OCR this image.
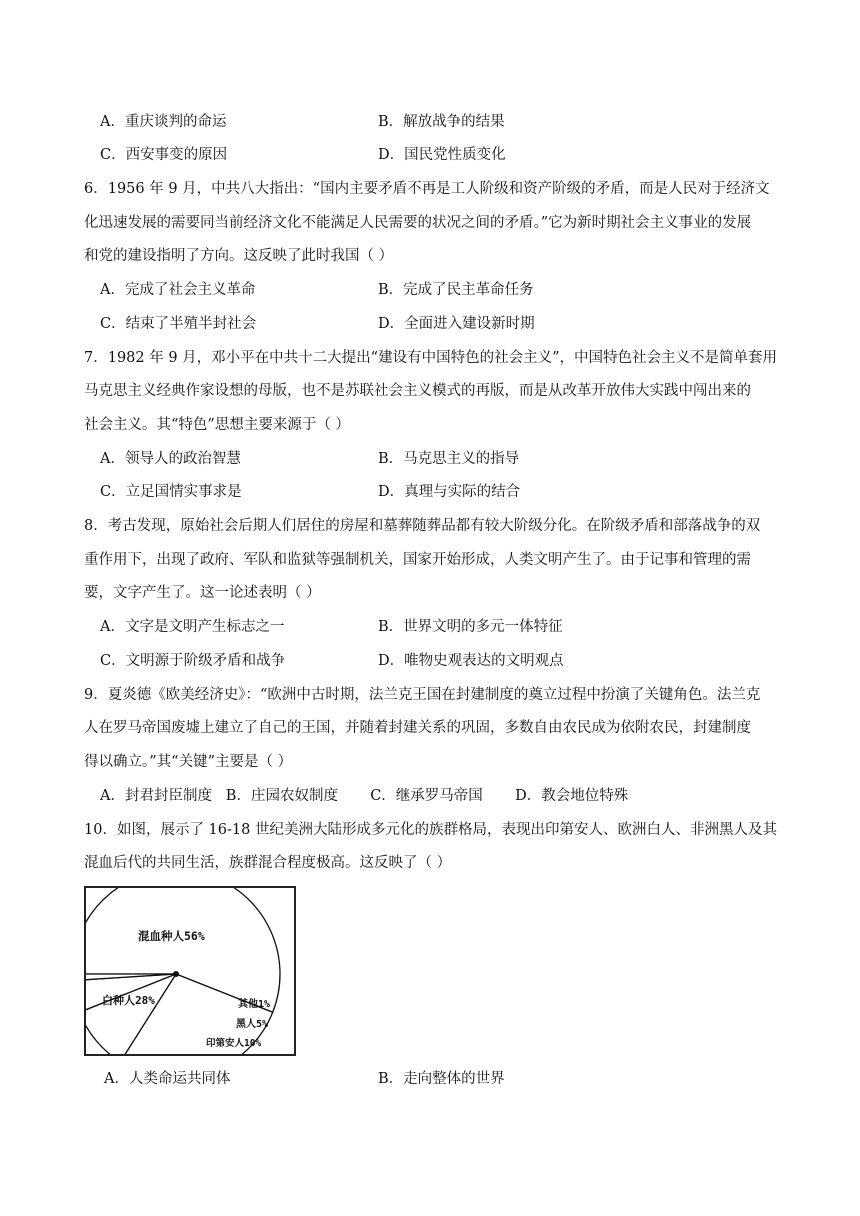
A．重庆谈判的命运	B．解放战争的结果
C．西安事变的原因	D．国民党性质变化
6．1956 年 9 月，中共八大指出：“国内主要矛盾不再是工人阶级和资产阶级的矛盾，而是人民对于经济文
化迅速发展的需要同当前经济文化不能满足人民需要的状况之间的矛盾。”它为新时期社会主义事业的发展
和党的建设指明了方向。这反映了此时我国（ ）
A．完成了社会主义革命	B．完成了民主革命任务
C．结束了半殖半封社会	D．全面进入建设新时期
7．1982 年 9 月，邓小平在中共十二大提出“建设有中国特色的社会主义”，中国特色社会主义不是简单套用
马克思主义经典作家设想的母版，也不是苏联社会主义模式的再版，而是从改革开放伟大实践中闯出来的
社会主义。其“特色”思想主要来源于（ ）
A．领导人的政治智慧	B．马克思主义的指导
C．立足国情实事求是	D．真理与实际的结合
8．考古发现，原始社会后期人们居住的房屋和墓葬随葬品都有较大阶级分化。在阶级矛盾和部落战争的双
重作用下，出现了政府、军队和监狱等强制机关，国家开始形成，人类文明产生了。由于记事和管理的需
要，文字产生了。这一论述表明（ ）
A．文字是文明产生标志之一	B．世界文明的多元一体特征
C．文明源于阶级矛盾和战争	D．唯物史观表达的文明观点
9．夏炎德《欧美经济史》：“欧洲中古时期，法兰克王国在封建制度的奠立过程中扮演了关键角色。法兰克
人在罗马帝国废墟上建立了自己的王国，并随着封建关系的巩固，多数自由农民成为依附农民，封建制度
得以确立。”其“关键”主要是（ ）
A．封君封臣制度   B．庄园农奴制度       C．继承罗马帝国       D．教会地位特殊
10．如图，展示了 16-18 世纪美洲大陆形成多元化的族群格局，表现出印第安人、欧洲白人、非洲黑人及其
混血后代的共同生活，族群混合程度极高。这反映了（ ）
混血种人56%
白种人28%
印第安人10%
黑人5%
其他1%
A．人类命运共同体	B．走向整体的世界
